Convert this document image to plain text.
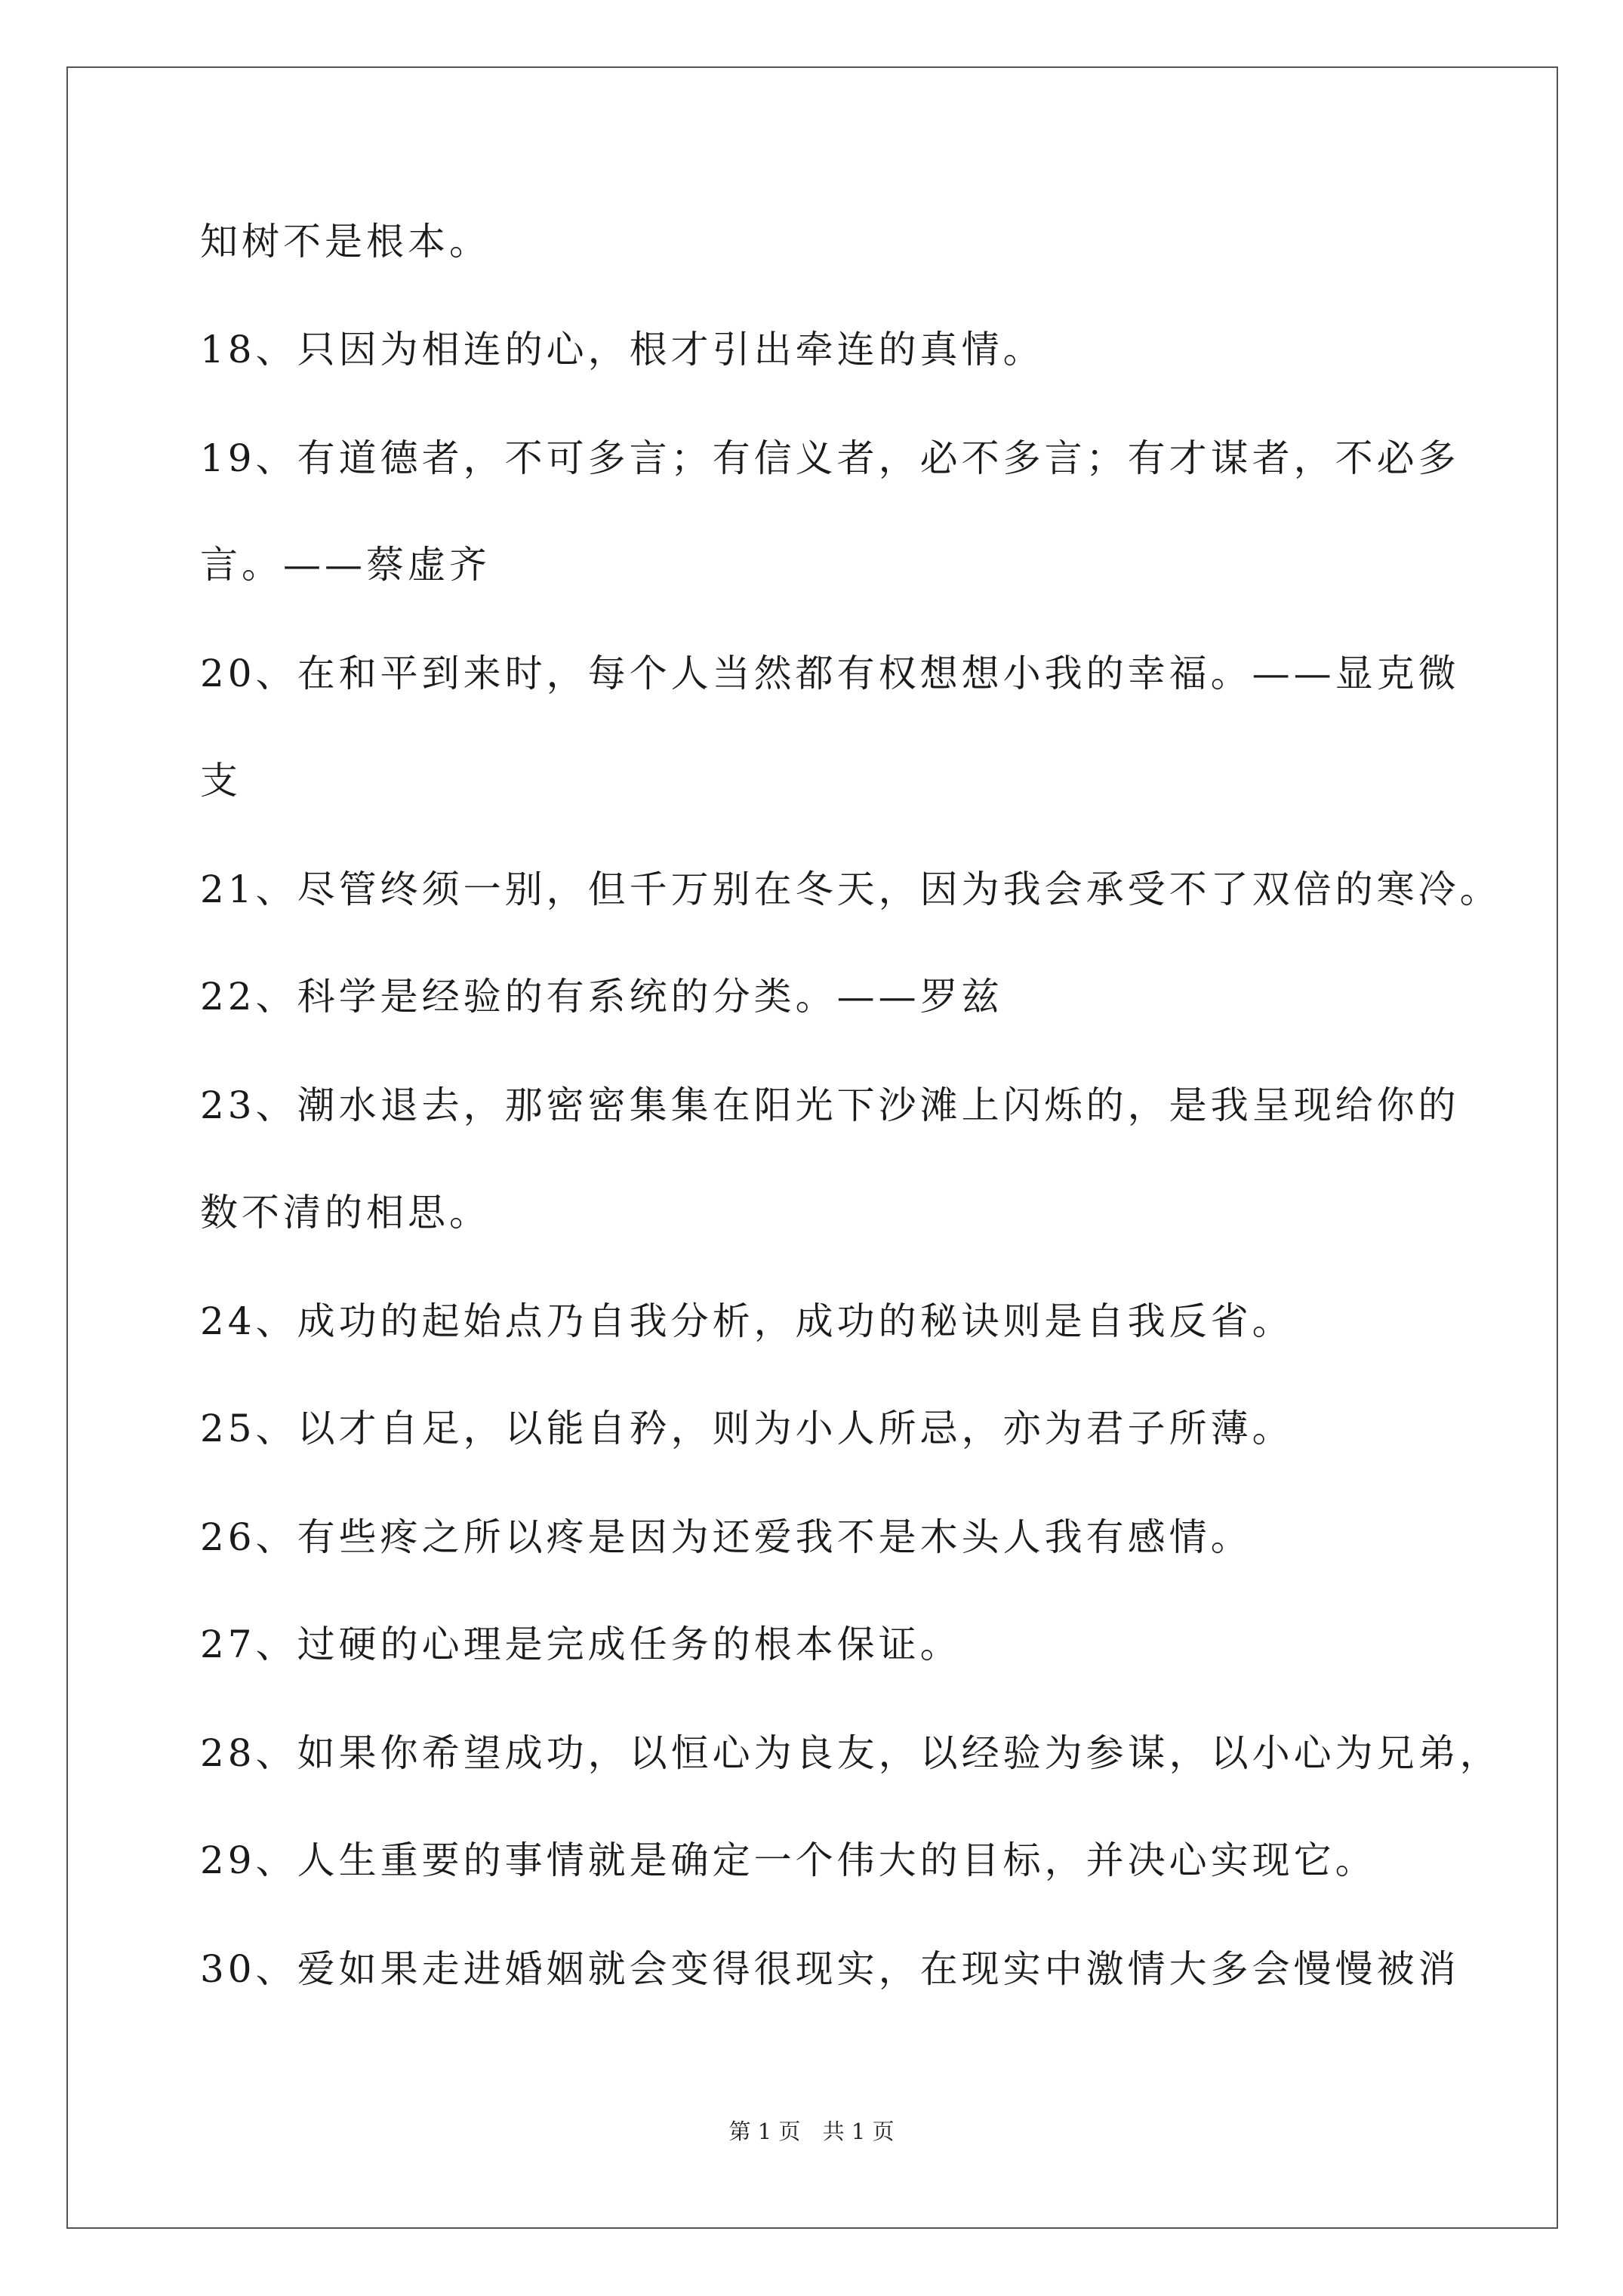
知树不是根本。
18、只因为相连的心，根才引出牵连的真情。
19、有道德者，不可多言；有信义者，必不多言；有才谋者，不必多
言。——蔡虚齐
20、在和平到来时，每个人当然都有权想想小我的幸福。——显克微
支
21、尽管终须一别，但千万别在冬天，因为我会承受不了双倍的寒冷。
22、科学是经验的有系统的分类。——罗兹
23、潮水退去，那密密集集在阳光下沙滩上闪烁的，是我呈现给你的
数不清的相思。
24、成功的起始点乃自我分析，成功的秘诀则是自我反省。
25、以才自足，以能自矜，则为小人所忌，亦为君子所薄。
26、有些疼之所以疼是因为还爱我不是木头人我有感情。
27、过硬的心理是完成任务的根本保证。
28、如果你希望成功，以恒心为良友，以经验为参谋，以小心为兄弟，
29、人生重要的事情就是确定一个伟大的目标，并决心实现它。
30、爱如果走进婚姻就会变得很现实，在现实中激情大多会慢慢被消
第 1 页 共 1 页
